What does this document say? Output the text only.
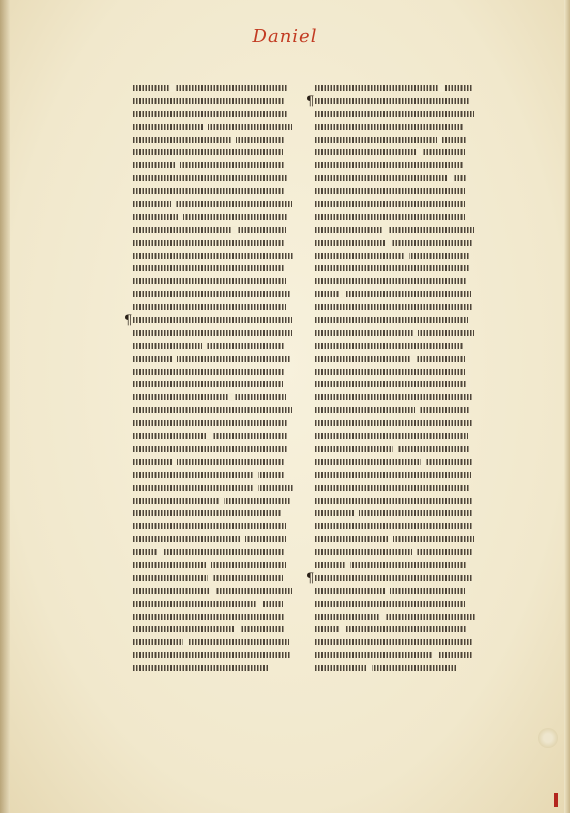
Daniel
¶
¶
¶
